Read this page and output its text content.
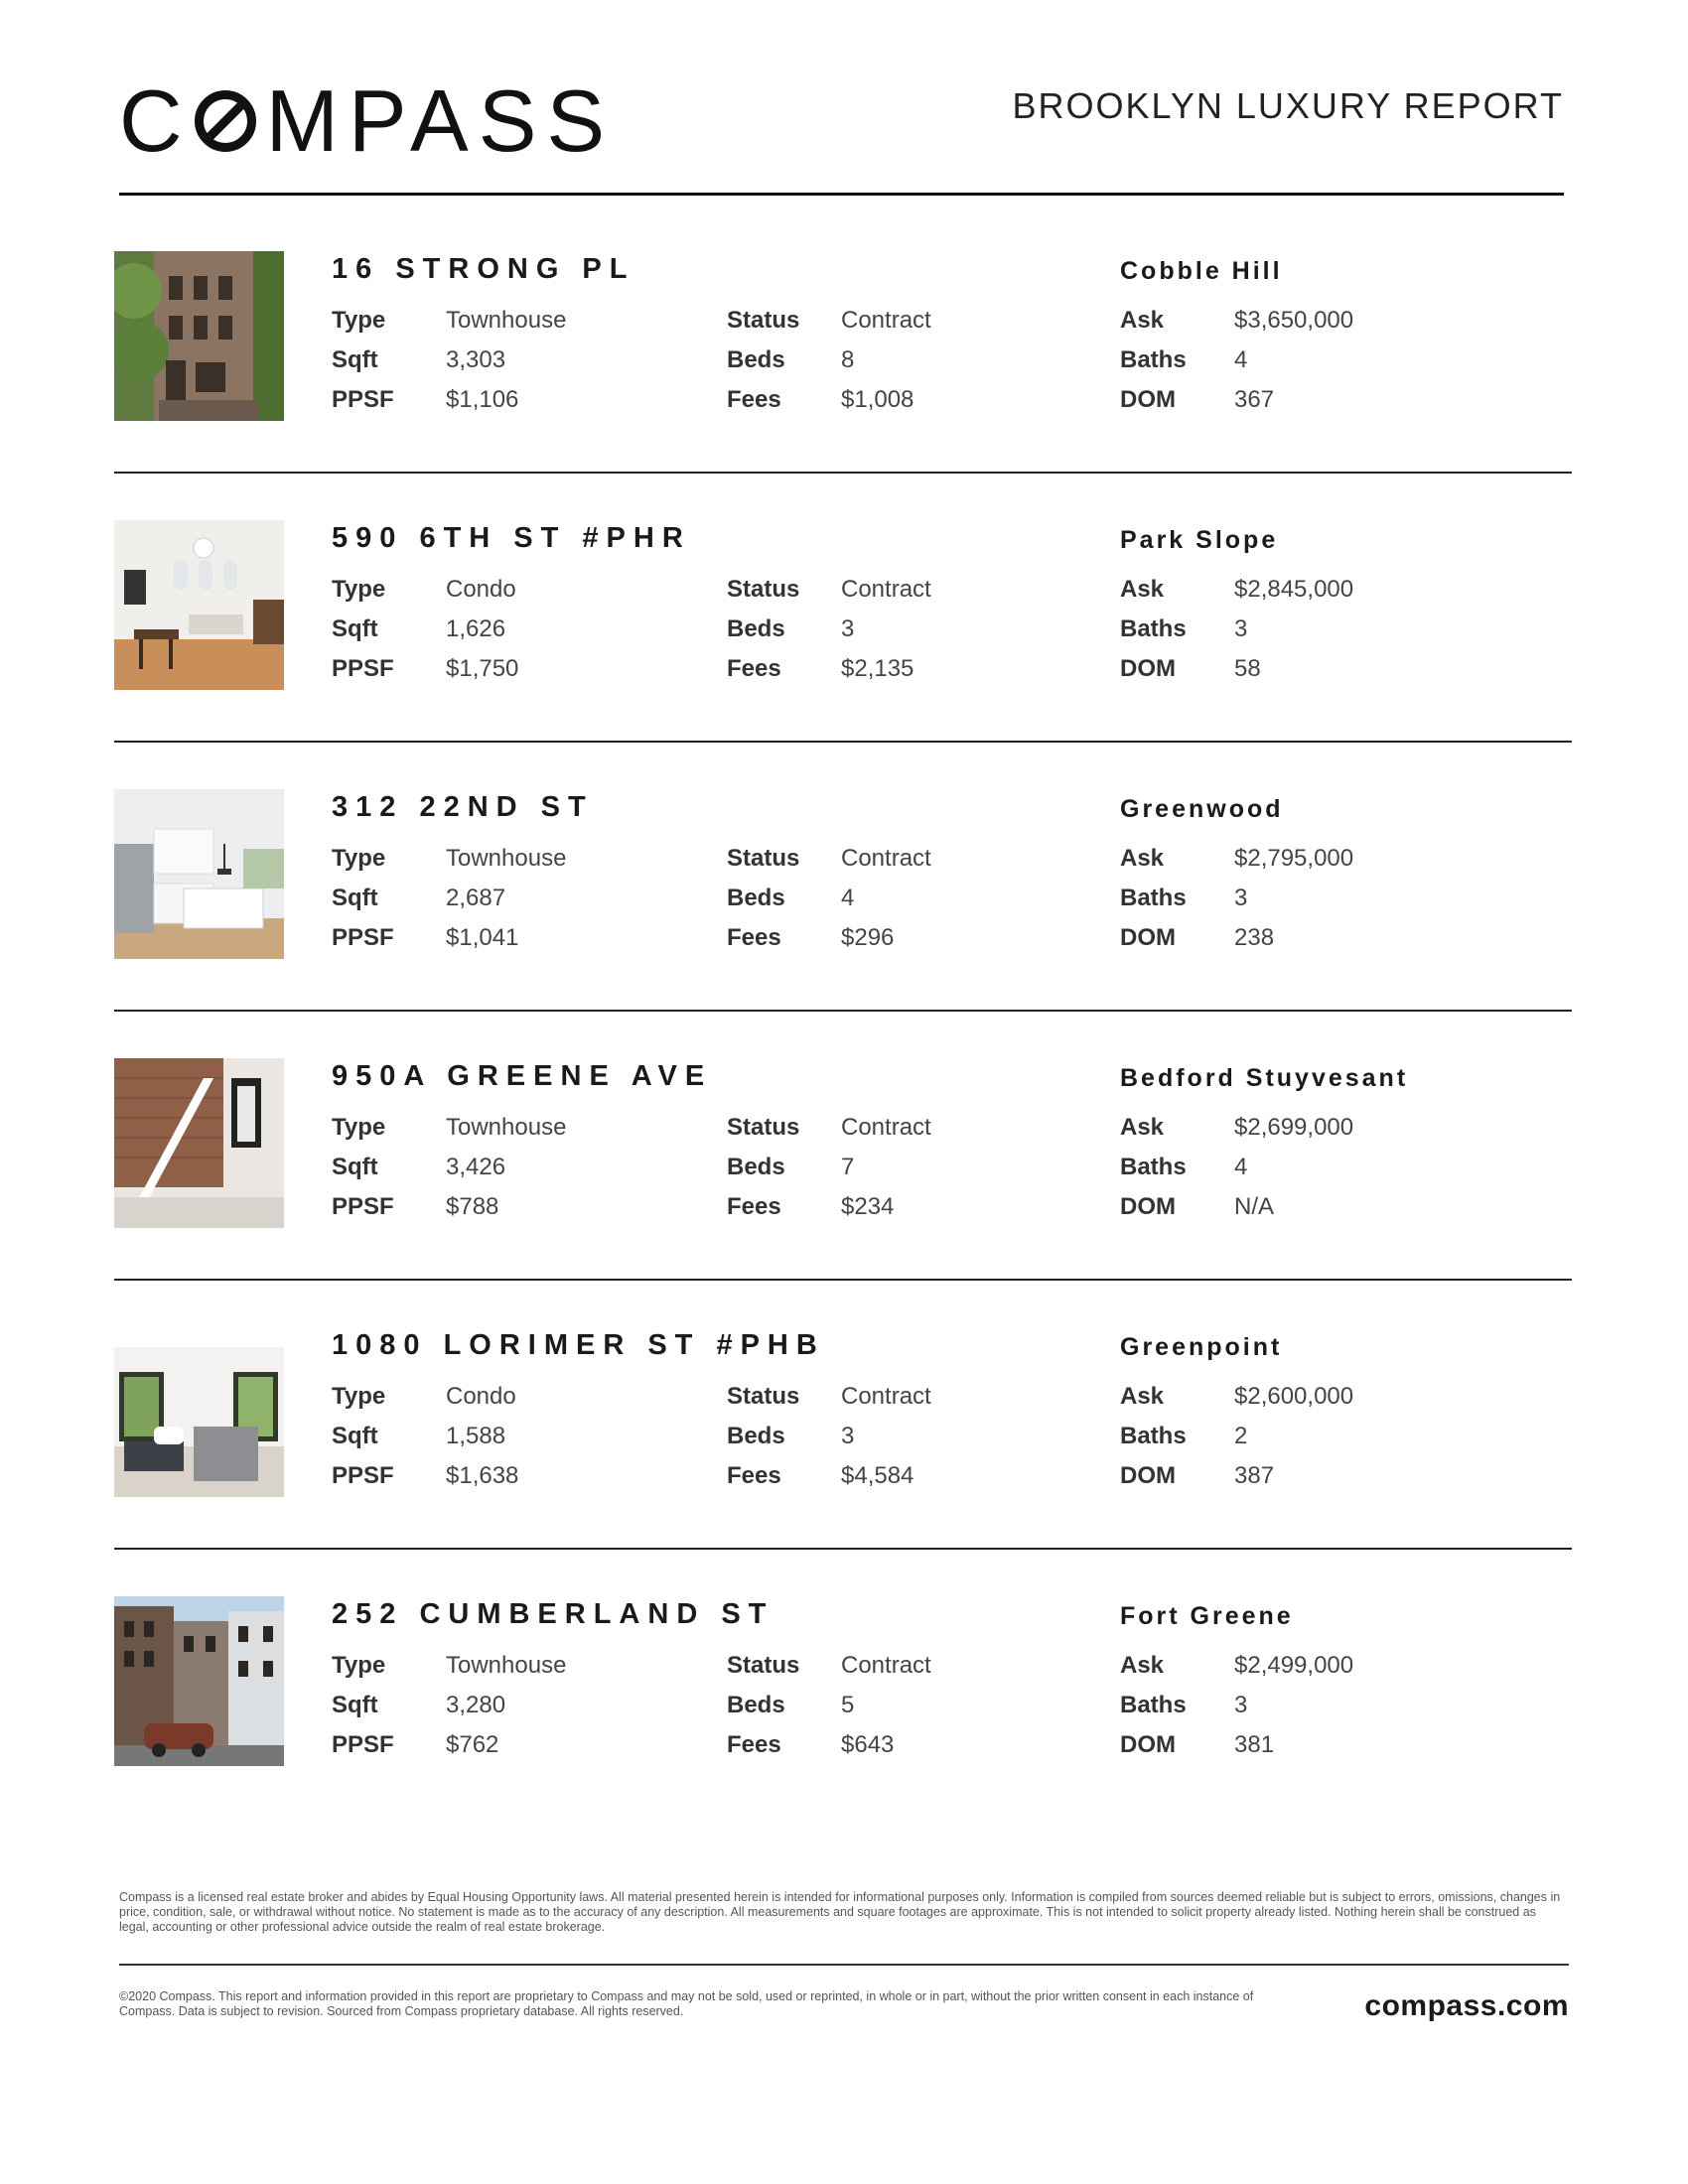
C MPASS	BROOKLYN LUXURY REPORT
16 STRONG PL	Cobble Hill
Type	Townhouse
Sqft	3,303
PPSF $1,106
Status Contract
Beds 8
Fees	$1,008
Ask	$3,650,000
Baths 4
DOM 367
590 6TH ST #PHR	Park Slope
Type	Condo
Sqft	1,626
PPSF $1,750
Status Contract
Beds 3
Fees	$2,135
Ask	$2,845,000
Baths 3
DOM 58
312 22ND ST	Greenwood
Type	Townhouse
Sqft	2,687
PPSF $1,041
Status Contract
Beds 4
Fees	$296
Ask	$2,795,000
Baths 3
DOM 238
950A GREENE AVE	Bedford Stuyvesant
Type	Townhouse
Sqft	3,426
PPSF $788
Status Contract
Beds 7
Fees	$234
Ask	$2,699,000
Baths 4
DOM N/A
1080 LORIMER ST #PHB	Greenpoint
Type	Condo
Sqft	1,588
PPSF $1,638
Status Contract
Beds 3
Fees	$4,584
Ask	$2,600,000
Baths 2
DOM 387
252 CUMBERLAND ST	Fort Greene
Type	Townhouse
Sqft	3,280
PPSF $762
Status Contract
Beds 5
Fees	$643
Ask	$2,499,000
Baths 3
DOM 381
Compass is a licensed real estate broker and abides by Equal Housing Opportunity laws. All material presented herein is intended for informational purposes only. Information is compiled from sources deemed reliable but is subject to errors, omissions, changes in price, condition, sale, or withdrawal without notice. No statement is made as to the accuracy of any description. All measurements and square footages are approximate. This is not intended to solicit property already listed. Nothing herein shall be construed as legal, accounting or other professional advice outside the realm of real estate brokerage.
©2020 Compass. This report and information provided in this report are proprietary to Compass and may not be sold, used or reprinted, in whole or in part, without the prior written consent in each instance of Compass. Data is subject to revision. Sourced from Compass proprietary database. All rights reserved.	compass.com
